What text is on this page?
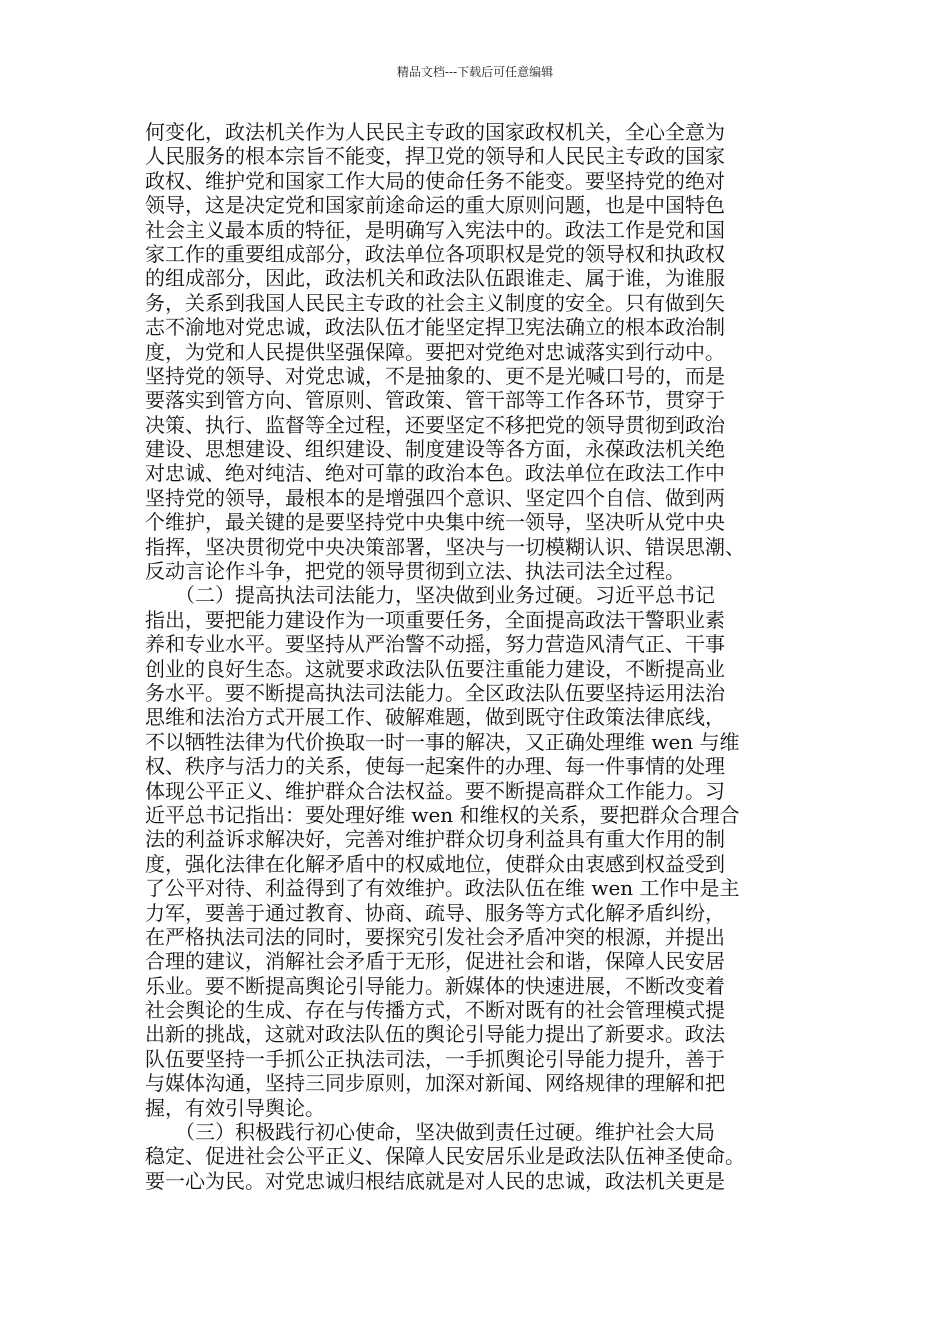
精品文档---下载后可任意编辑
何变化，政法机关作为人民民主专政的国家政权机关，全心全意为
人民服务的根本宗旨不能变，捍卫党的领导和人民民主专政的国家
政权、维护党和国家工作大局的使命任务不能变。要坚持党的绝对
领导，这是决定党和国家前途命运的重大原则问题，也是中国特色
社会主义最本质的特征，是明确写入宪法中的。政法工作是党和国
家工作的重要组成部分，政法单位各项职权是党的领导权和执政权
的组成部分，因此，政法机关和政法队伍跟谁走、属于谁，为谁服
务，关系到我国人民民主专政的社会主义制度的安全。只有做到矢
志不渝地对党忠诚，政法队伍才能坚定捍卫宪法确立的根本政治制
度，为党和人民提供坚强保障。要把对党绝对忠诚落实到行动中。
坚持党的领导、对党忠诚，不是抽象的、更不是光喊口号的，而是
要落实到管方向、管原则、管政策、管干部等工作各环节，贯穿于
决策、执行、监督等全过程，还要坚定不移把党的领导贯彻到政治
建设、思想建设、组织建设、制度建设等各方面，永葆政法机关绝
对忠诚、绝对纯洁、绝对可靠的政治本色。政法单位在政法工作中
坚持党的领导，最根本的是增强四个意识、坚定四个自信、做到两
个维护，最关键的是要坚持党中央集中统一领导，坚决听从党中央
指挥，坚决贯彻党中央决策部署，坚决与一切模糊认识、错误思潮、
反动言论作斗争，把党的领导贯彻到立法、执法司法全过程。
　　（二）提高执法司法能力，坚决做到业务过硬。习近平总书记
指出，要把能力建设作为一项重要任务，全面提高政法干警职业素
养和专业水平。要坚持从严治警不动摇，努力营造风清气正、干事
创业的良好生态。这就要求政法队伍要注重能力建设，不断提高业
务水平。要不断提高执法司法能力。全区政法队伍要坚持运用法治
思维和法治方式开展工作、破解难题，做到既守住政策法律底线，
不以牺牲法律为代价换取一时一事的解决，又正确处理维 wen 与维
权、秩序与活力的关系，使每一起案件的办理、每一件事情的处理
体现公平正义、维护群众合法权益。要不断提高群众工作能力。习
近平总书记指出：要处理好维 wen 和维权的关系，要把群众合理合
法的利益诉求解决好，完善对维护群众切身利益具有重大作用的制
度，强化法律在化解矛盾中的权威地位，使群众由衷感到权益受到
了公平对待、利益得到了有效维护。政法队伍在维 wen 工作中是主
力军，要善于通过教育、协商、疏导、服务等方式化解矛盾纠纷，
在严格执法司法的同时，要探究引发社会矛盾冲突的根源，并提出
合理的建议，消解社会矛盾于无形，促进社会和谐，保障人民安居
乐业。要不断提高舆论引导能力。新媒体的快速进展，不断改变着
社会舆论的生成、存在与传播方式，不断对既有的社会管理模式提
出新的挑战，这就对政法队伍的舆论引导能力提出了新要求。政法
队伍要坚持一手抓公正执法司法，一手抓舆论引导能力提升，善于
与媒体沟通，坚持三同步原则，加深对新闻、网络规律的理解和把
握，有效引导舆论。
　　（三）积极践行初心使命，坚决做到责任过硬。维护社会大局
稳定、促进社会公平正义、保障人民安居乐业是政法队伍神圣使命。
要一心为民。对党忠诚归根结底就是对人民的忠诚，政法机关更是
